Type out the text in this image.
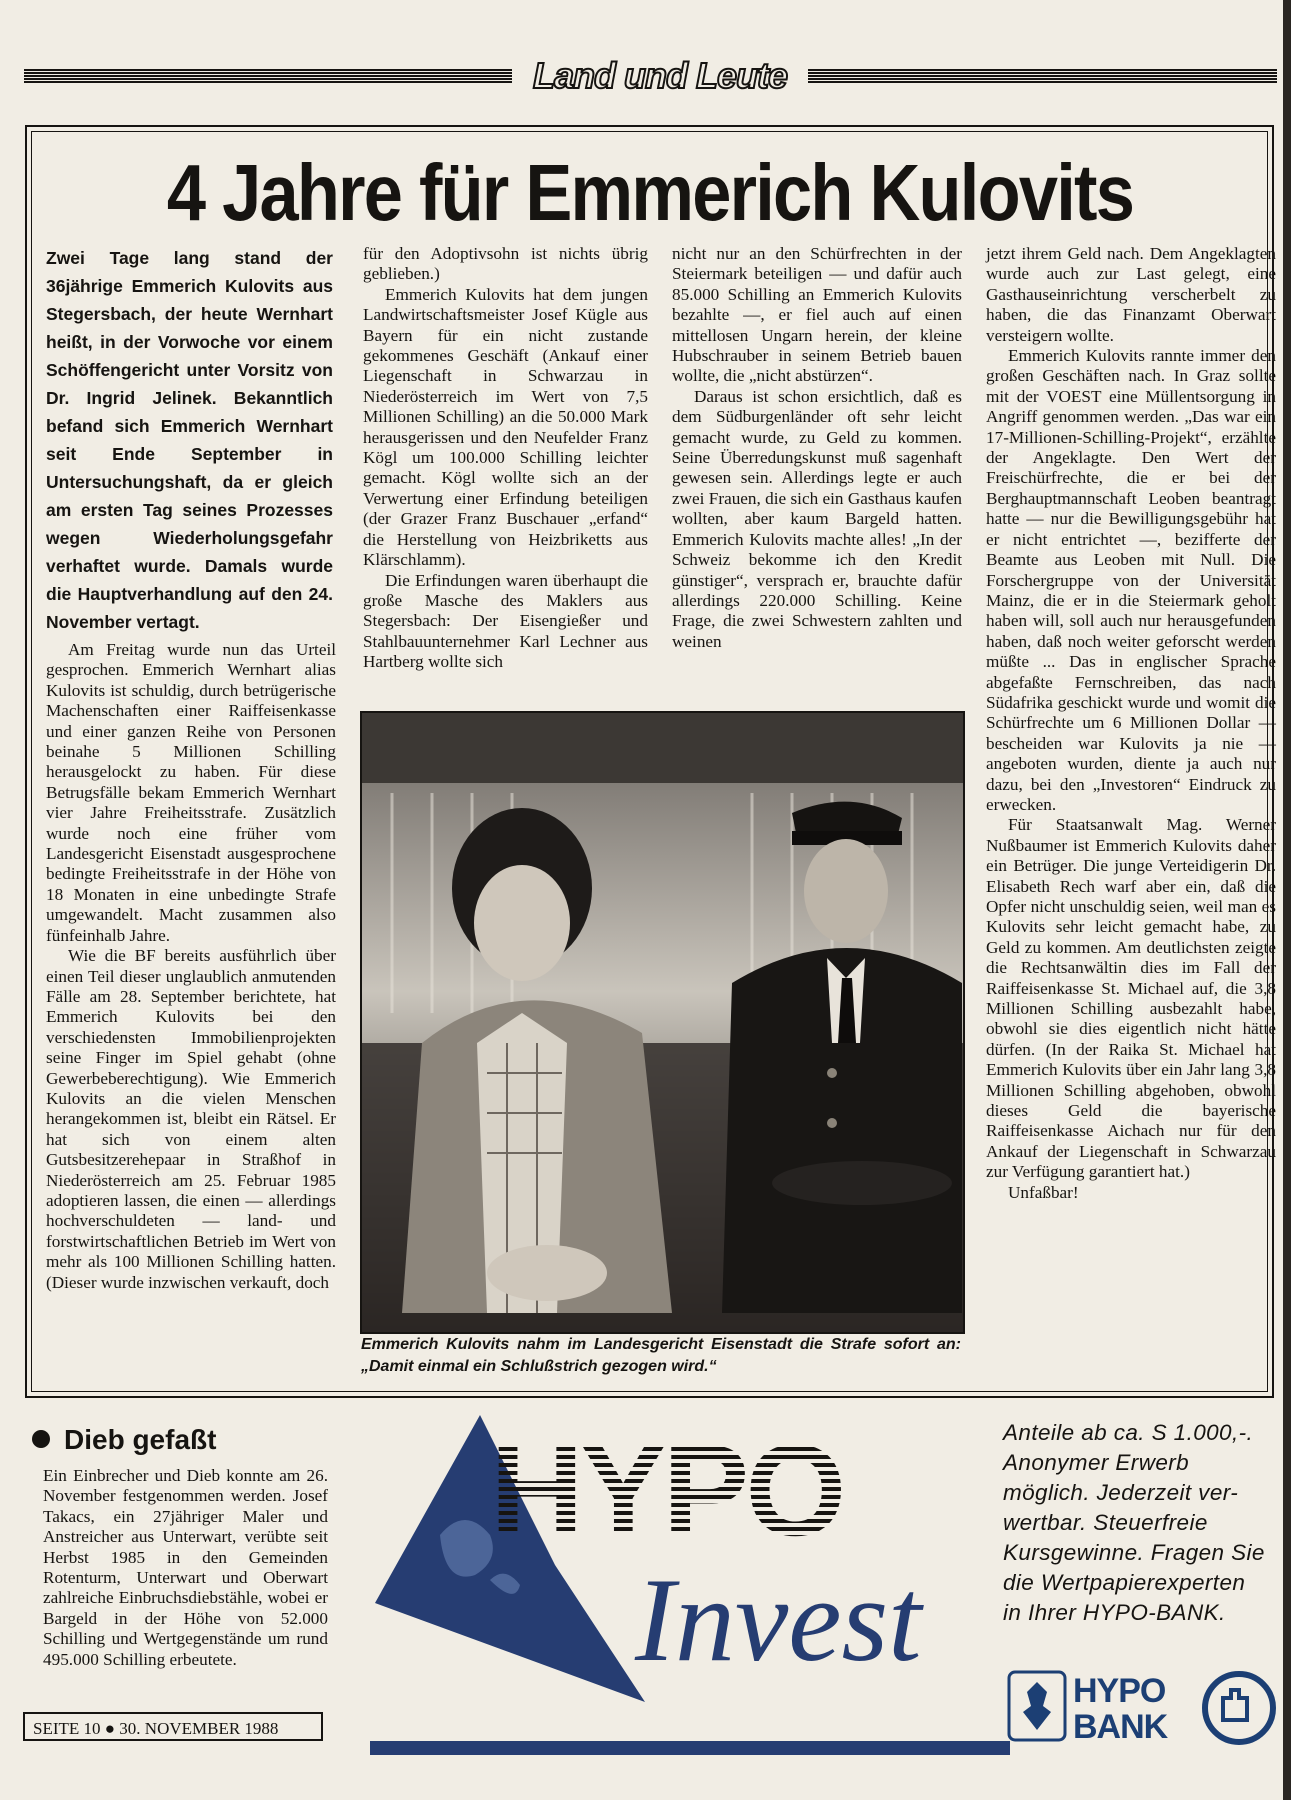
Land und Leute
4 Jahre für Emmerich Kulovits

Zwei Tage lang stand der 36jährige Emmerich Kulovits aus Stegersbach, der heute Wernhart heißt, in der Vorwoche vor einem Schöffengericht unter Vorsitz von Dr. Ingrid Jelinek. Bekanntlich befand sich Emmerich Wernhart seit Ende September in Untersuchungshaft, da er gleich am ersten Tag seines Prozesses wegen Wiederholungsgefahr verhaftet wurde. Damals wurde die Hauptverhandlung auf den 24. November vertagt.

Am Freitag wurde nun das Urteil gesprochen. Emmerich Wernhart alias Kulovits ist schuldig, durch betrügerische Machenschaften einer Raiffeisenkasse und einer ganzen Reihe von Personen beinahe 5 Millionen Schilling herausgelockt zu haben. Für diese Betrugsfälle bekam Emmerich Wernhart vier Jahre Freiheitsstrafe. Zusätzlich wurde noch eine früher vom Landesgericht Eisenstadt ausgesprochene bedingte Freiheitsstrafe in der Höhe von 18 Monaten in eine unbedingte Strafe umgewandelt. Macht zusammen also fünfeinhalb Jahre.

Wie die BF bereits ausführlich über einen Teil dieser unglaublich anmutenden Fälle am 28. September berichtete, hat Emmerich Kulovits bei den verschiedensten Immobilienprojekten seine Finger im Spiel gehabt (ohne Gewerbeberechtigung). Wie Emmerich Kulovits an die vielen Menschen herangekommen ist, bleibt ein Rätsel. Er hat sich von einem alten Gutsbesitzerehepaar in Straßhof in Niederösterreich am 25. Februar 1985 adoptieren lassen, die einen — allerdings hochverschuldeten — land- und forstwirtschaftlichen Betrieb im Wert von mehr als 100 Millionen Schilling hatten. (Dieser wurde inzwischen verkauft, doch

für den Adoptivsohn ist nichts übrig geblieben.)

Emmerich Kulovits hat dem jungen Landwirtschaftsmeister Josef Kügle aus Bayern für ein nicht zustande gekommenes Geschäft (Ankauf einer Liegenschaft in Schwarzau in Niederösterreich im Wert von 7,5 Millionen Schilling) an die 50.000 Mark herausgerissen und den Neufelder Franz Kögl um 100.000 Schilling leichter gemacht. Kögl wollte sich an der Verwertung einer Erfindung beteiligen (der Grazer Franz Buschauer „erfand“ die Herstellung von Heizbriketts aus Klärschlamm).

Die Erfindungen waren überhaupt die große Masche des Maklers aus Stegersbach: Der Eisengießer und Stahlbauunternehmer Karl Lechner aus Hartberg wollte sich

nicht nur an den Schürfrechten in der Steiermark beteiligen — und dafür auch 85.000 Schilling an Emmerich Kulovits bezahlte —, er fiel auch auf einen mittellosen Ungarn herein, der kleine Hubschrauber in seinem Betrieb bauen wollte, die „nicht abstürzen“.

Daraus ist schon ersichtlich, daß es dem Südburgenländer oft sehr leicht gemacht wurde, zu Geld zu kommen. Seine Überredungskunst muß sagenhaft gewesen sein. Allerdings legte er auch zwei Frauen, die sich ein Gasthaus kaufen wollten, aber kaum Bargeld hatten. Emmerich Kulovits machte alles! „In der Schweiz bekomme ich den Kredit günstiger“, versprach er, brauchte dafür allerdings 220.000 Schilling. Keine Frage, die zwei Schwestern zahlten und weinen

jetzt ihrem Geld nach. Dem Angeklagten wurde auch zur Last gelegt, eine Gasthauseinrichtung verscherbelt zu haben, die das Finanzamt Oberwart versteigern wollte.

Emmerich Kulovits rannte immer den großen Geschäften nach. In Graz sollte mit der VOEST eine Müllentsorgung in Angriff genommen werden. „Das war ein 17-Millionen-Schilling-Projekt“, erzählte der Angeklagte. Den Wert der Freischürfrechte, die er bei der Berghauptmannschaft Leoben beantragt hatte — nur die Bewilligungsgebühr hat er nicht entrichtet —, bezifferte der Beamte aus Leoben mit Null. Die Forschergruppe von der Universität Mainz, die er in die Steiermark geholt haben will, soll auch nur herausgefunden haben, daß noch weiter geforscht werden müßte ... Das in englischer Sprache abgefaßte Fernschreiben, das nach Südafrika geschickt wurde und womit die Schürfrechte um 6 Millionen Dollar — bescheiden war Kulovits ja nie — angeboten wurden, diente ja auch nur dazu, bei den „Investoren“ Eindruck zu erwecken.

Für Staatsanwalt Mag. Werner Nußbaumer ist Emmerich Kulovits daher ein Betrüger. Die junge Verteidigerin Dr. Elisabeth Rech warf aber ein, daß die Opfer nicht unschuldig seien, weil man es Kulovits sehr leicht gemacht habe, zu Geld zu kommen. Am deutlichsten zeigte die Rechtsanwältin dies im Fall der Raiffeisenkasse St. Michael auf, die 3,8 Millionen Schilling ausbezahlt habe, obwohl sie dies eigentlich nicht hätte dürfen. (In der Raika St. Michael hat Emmerich Kulovits über ein Jahr lang 3,8 Millionen Schilling abgehoben, obwohl dieses Geld die bayerische Raiffeisenkasse Aichach nur für den Ankauf der Liegenschaft in Schwarzau zur Verfügung garantiert hat.)

Unfaßbar!

Emmerich Kulovits nahm im Landesgericht Eisenstadt die Strafe sofort an: „Damit einmal ein Schlußstrich gezogen wird.“

Dieb gefaßt

Ein Einbrecher und Dieb konnte am 26. November festgenommen werden. Josef Takacs, ein 27jähriger Maler und Anstreicher aus Unterwart, verübte seit Herbst 1985 in den Gemeinden Rotenturm, Unterwart und Oberwart zahlreiche Einbruchsdiebstähle, wobei er Bargeld in der Höhe von 52.000 Schilling und Wertgegenstände um rund 495.000 Schilling erbeutete.

HYPO
Invest
Anteile ab ca. S 1.000,-.
Anonymer Erwerb
möglich. Jederzeit ver-
wertbar. Steuerfreie
Kursgewinne. Fragen Sie
die Wertpapierexperten
in Ihrer HYPO-BANK.
HYPO
BANK
SEITE 10 ● 30. NOVEMBER 1988
